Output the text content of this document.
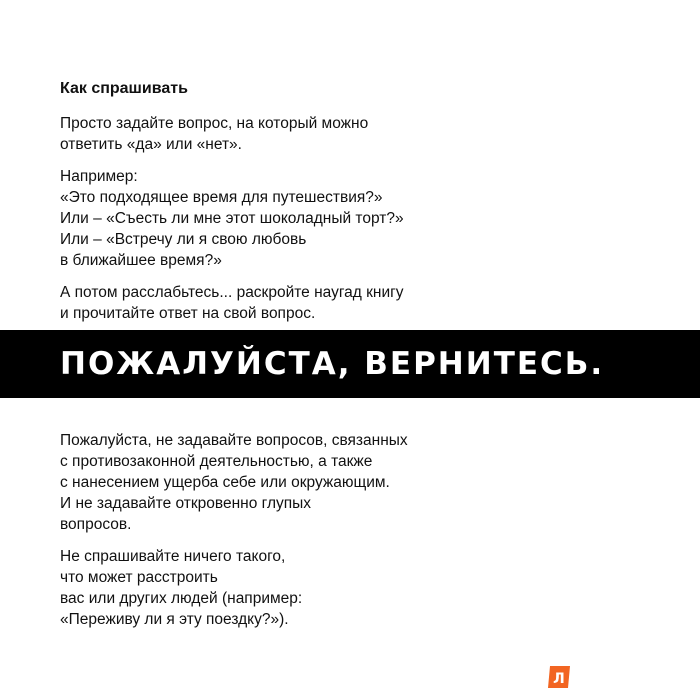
Как спрашивать
Просто задайте вопрос, на который можно
ответить «да» или «нет».
Например:
«Это подходящее время для путешествия?»
Или – «Съесть ли мне этот шоколадный торт?»
Или – «Встречу ли я свою любовь
в ближайшее время?»
А потом расслабьтесь... раскройте наугад книгу
и прочитайте ответ на свой вопрос.
ПОЖАЛУЙСТА, ВЕРНИТЕСЬ.
Пожалуйста, не задавайте вопросов, связанных
с противозаконной деятельностью, а также
с нанесением ущерба себе или окружающим.
И не задавайте откровенно глупых
вопросов.
Не спрашивайте ничего такого,
что может расстроить
вас или других людей (например:
«Переживу ли я эту поездку?»).
Л
